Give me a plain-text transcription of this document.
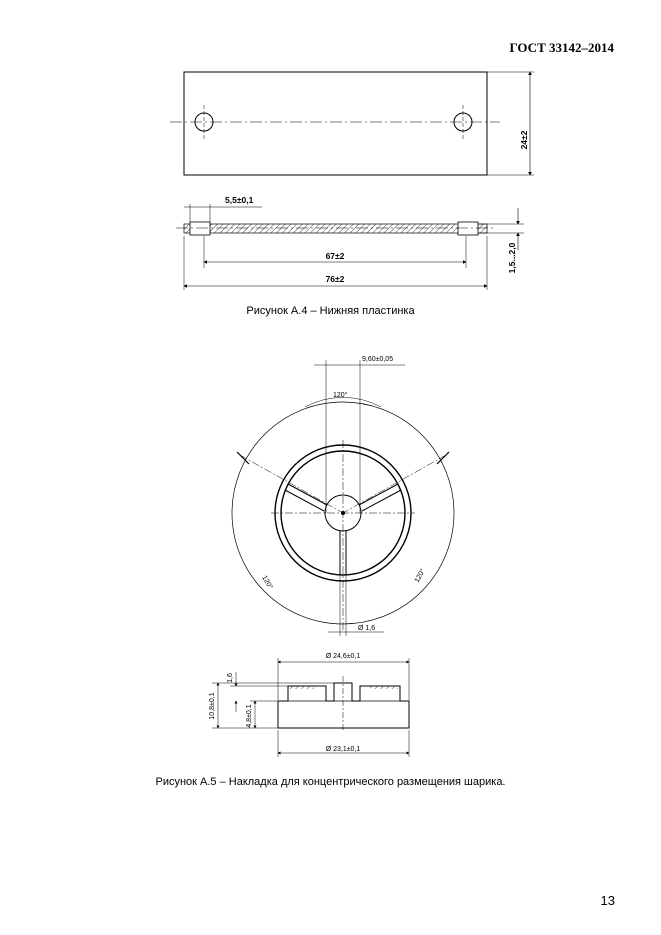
ГОСТ 33142–2014
24±2
5,5±0,1
67±2
76±2
1,5...2,0
9,60±0,05
120°
120°	120°
Ø 1,6
Ø 24,6±0,1
Ø 23,1±0,1
1,6
10,8±0,1	4,8±0,1
Рисунок А.4 – Нижняя пластинка
Рисунок А.5 – Накладка для концентрического размещения шарика.
13
